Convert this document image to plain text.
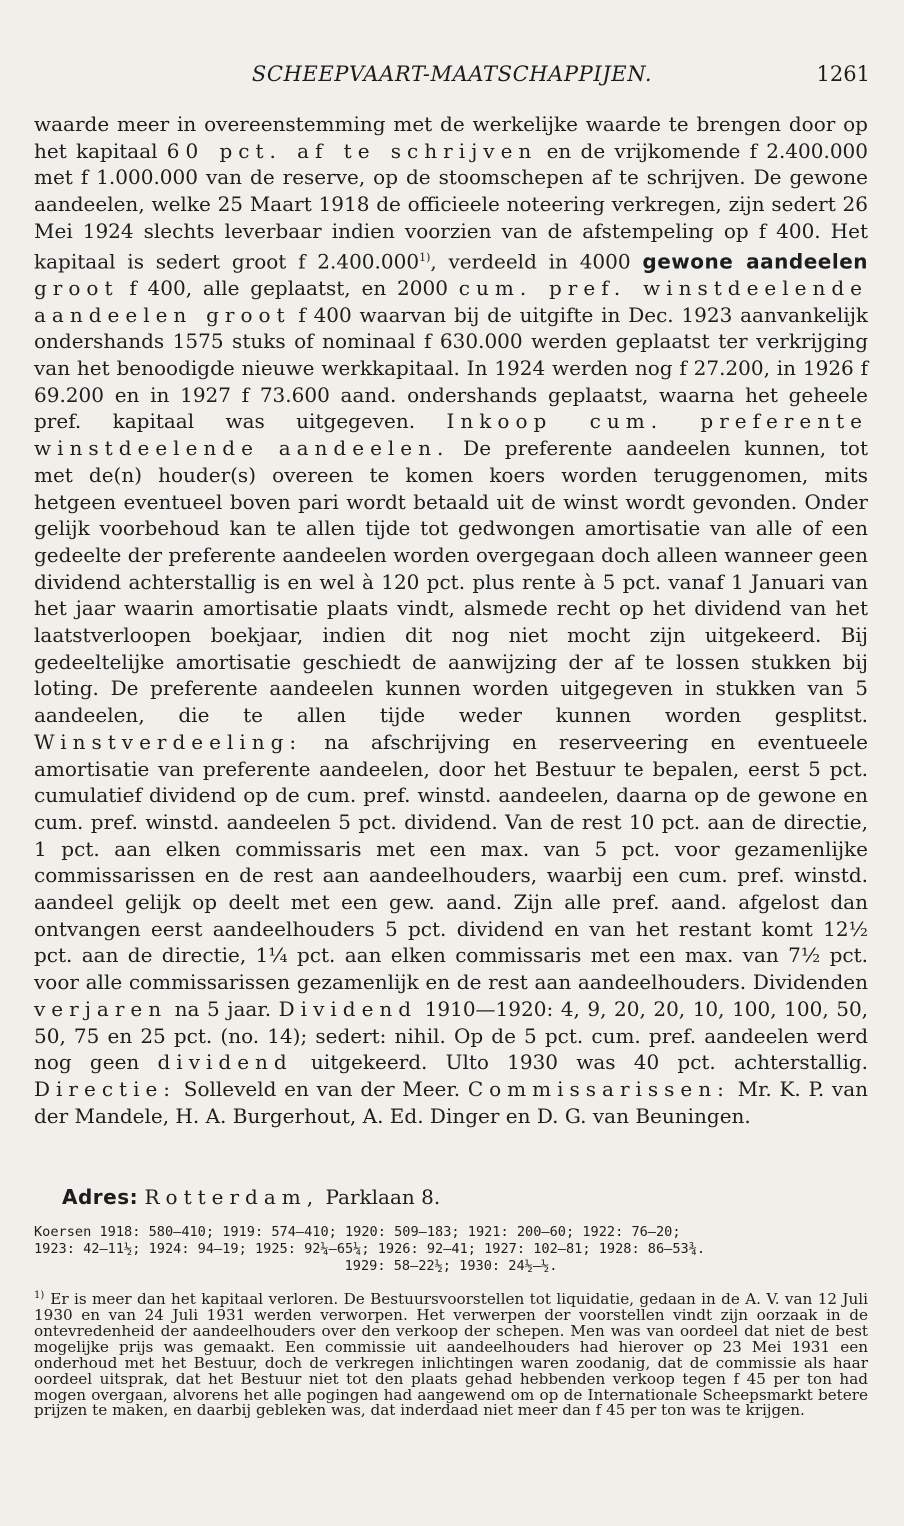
SCHEEPVAART-MAATSCHAPPIJEN.	1261

waarde meer in overeenstemming met de werkelijke waarde te brengen door op het kapitaal 60 pct. af te schrijven en de vrijkomende f 2.400.000 met f 1.000.000 van de reserve, op de stoomschepen af te schrijven. De gewone aandeelen, welke 25 Maart 1918 de officieele noteering verkregen, zijn sedert 26 Mei 1924 slechts leverbaar indien voorzien van de afstempeling op f 400. Het kapitaal is sedert groot f 2.400.000$^{1)}$, verdeeld in 4000 gewone aandeelen groot f 400, alle geplaatst, en 2000 cum. pref. winstdeelende aandeelen groot f 400 waarvan bij de uitgifte in Dec. 1923 aanvankelijk ondershands 1575 stuks of nominaal f 630.000 werden geplaatst ter verkrijging van het benoodigde nieuwe werkkapitaal. In 1924 werden nog f 27.200, in 1926 f 69.200 en in 1927 f 73.600 aand. ondershands geplaatst, waarna het geheele pref. kapitaal was uitgegeven. Inkoop cum. preferente winstdeelende aandeelen. De preferente aandeelen kunnen, tot met de(n) houder(s) overeen te komen koers worden teruggenomen, mits hetgeen eventueel boven pari wordt betaald uit de winst wordt gevonden. Onder gelijk voorbehoud kan te allen tijde tot gedwongen amortisatie van alle of een gedeelte der preferente aandeelen worden overgegaan doch alleen wanneer geen dividend achterstallig is en wel à 120 pct. plus rente à 5 pct. vanaf 1 Januari van het jaar waarin amortisatie plaats vindt, alsmede recht op het dividend van het laatstverloopen boekjaar, indien dit nog niet mocht zijn uitgekeerd. Bij gedeeltelijke amortisatie geschiedt de aanwijzing der af te lossen stukken bij loting. De preferente aandeelen kunnen worden uitgegeven in stukken van 5 aandeelen, die te allen tijde weder kunnen worden gesplitst. Winstverdeeling: na afschrijving en reserveering en eventueele amortisatie van preferente aandeelen, door het Bestuur te bepalen, eerst 5 pct. cumulatief dividend op de cum. pref. winstd. aandeelen, daarna op de gewone en cum. pref. winstd. aandeelen 5 pct. dividend. Van de rest 10 pct. aan de directie, 1 pct. aan elken commissaris met een max. van 5 pct. voor gezamenlijke commissarissen en de rest aan aandeelhouders, waarbij een cum. pref. winstd. aandeel gelijk op deelt met een gew. aand. Zijn alle pref. aand. afgelost dan ontvangen eerst aandeelhouders 5 pct. dividend en van het restant komt 12½ pct. aan de directie, 1¼ pct. aan elken commissaris met een max. van 7½ pct. voor alle commissarissen gezamenlijk en de rest aan aandeelhouders. Dividenden verjaren na 5 jaar. Dividend 1910—1920: 4, 9, 20, 20, 10, 100, 100, 50, 50, 75 en 25 pct. (no. 14); sedert: nihil. Op de 5 pct. cum. pref. aandeelen werd nog geen dividend uitgekeerd. Ulto 1930 was 40 pct. achterstallig. Directie: Solleveld en van der Meer. Commissarissen: Mr. K. P. van der Mandele, H. A. Burgerhout, A. Ed. Dinger en D. G. van Beuningen.

Adres: Rotterdam, Parklaan 8.
Koersen 1918: 580—410; 1919: 574—410; 1920: 509—183; 1921: 200—60; 1922: 76—20;
1923: 42—11½; 1924: 94—19; 1925: 92¼—65¼; 1926: 92—41; 1927: 102—81; 1928: 86—53¾.
1929: 58—22½; 1930: 24½—½.

$^{1)}$ Er is meer dan het kapitaal verloren. De Bestuursvoorstellen tot liquidatie, gedaan in de A. V. van 12 Juli 1930 en van 24 Juli 1931 werden verworpen. Het verwerpen der voorstellen vindt zijn oorzaak in de ontevredenheid der aandeelhouders over den verkoop der schepen. Men was van oordeel dat niet de best mogelijke prijs was gemaakt. Een commissie uit aandeelhouders had hierover op 23 Mei 1931 een onderhoud met het Bestuur, doch de verkregen inlichtingen waren zoodanig, dat de commissie als haar oordeel uitsprak, dat het Bestuur niet tot den plaats gehad hebbenden verkoop tegen f 45 per ton had mogen overgaan, alvorens het alle pogingen had aangewend om op de Internationale Scheepsmarkt betere prijzen te maken, en daarbij gebleken was, dat inderdaad niet meer dan f 45 per ton was te krijgen.
